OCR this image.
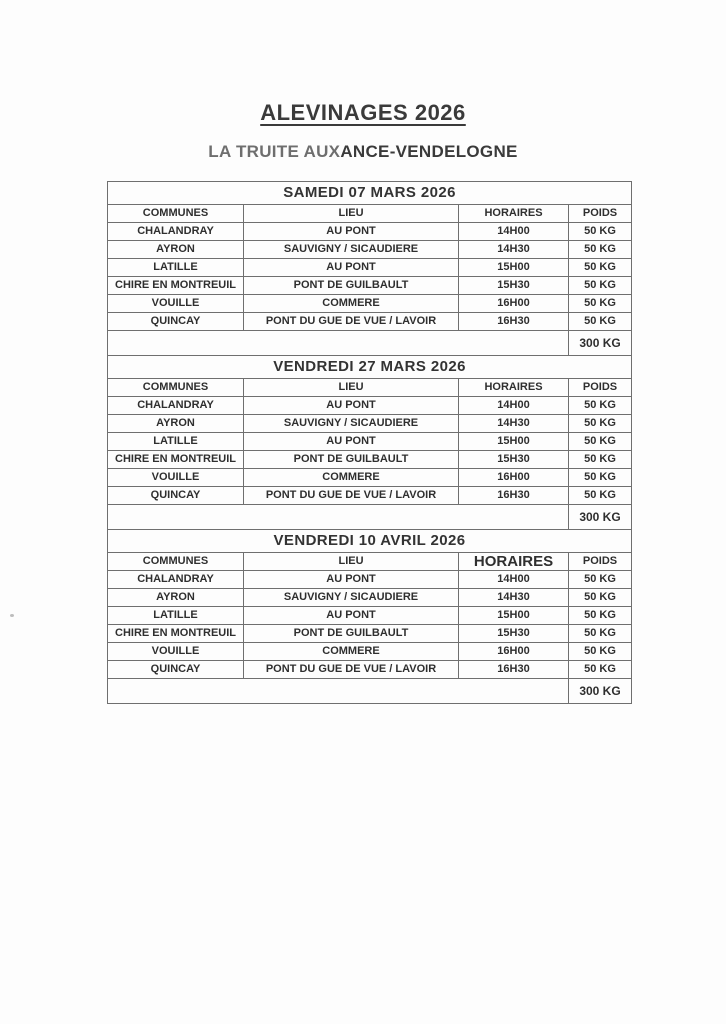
ALEVINAGES 2026
LA TRUITE AUXANCE-VENDELOGNE
SAMEDI 07 MARS 2026			
COMMUNES	LIEU	HORAIRES	POIDS
CHALANDRAY	AU PONT	14H00	50 KG
AYRON	SAUVIGNY / SICAUDIERE	14H30	50 KG
LATILLE	AU PONT	15H00	50 KG
CHIRE EN MONTREUIL	PONT DE GUILBAULT	15H30	50 KG
VOUILLE	COMMERE	16H00	50 KG
QUINCAY	PONT DU GUE DE VUE / LAVOIR	16H30	50 KG
			300 KG
VENDREDI 27 MARS 2026			
COMMUNES	LIEU	HORAIRES	POIDS
CHALANDRAY	AU PONT	14H00	50 KG
AYRON	SAUVIGNY / SICAUDIERE	14H30	50 KG
LATILLE	AU PONT	15H00	50 KG
CHIRE EN MONTREUIL	PONT DE GUILBAULT	15H30	50 KG
VOUILLE	COMMERE	16H00	50 KG
QUINCAY	PONT DU GUE DE VUE / LAVOIR	16H30	50 KG
			300 KG
VENDREDI 10 AVRIL 2026			
COMMUNES	LIEU	HORAIRES	POIDS
CHALANDRAY	AU PONT	14H00	50 KG
AYRON	SAUVIGNY / SICAUDIERE	14H30	50 KG
LATILLE	AU PONT	15H00	50 KG
CHIRE EN MONTREUIL	PONT DE GUILBAULT	15H30	50 KG
VOUILLE	COMMERE	16H00	50 KG
QUINCAY	PONT DU GUE DE VUE / LAVOIR	16H30	50 KG
			300 KG
